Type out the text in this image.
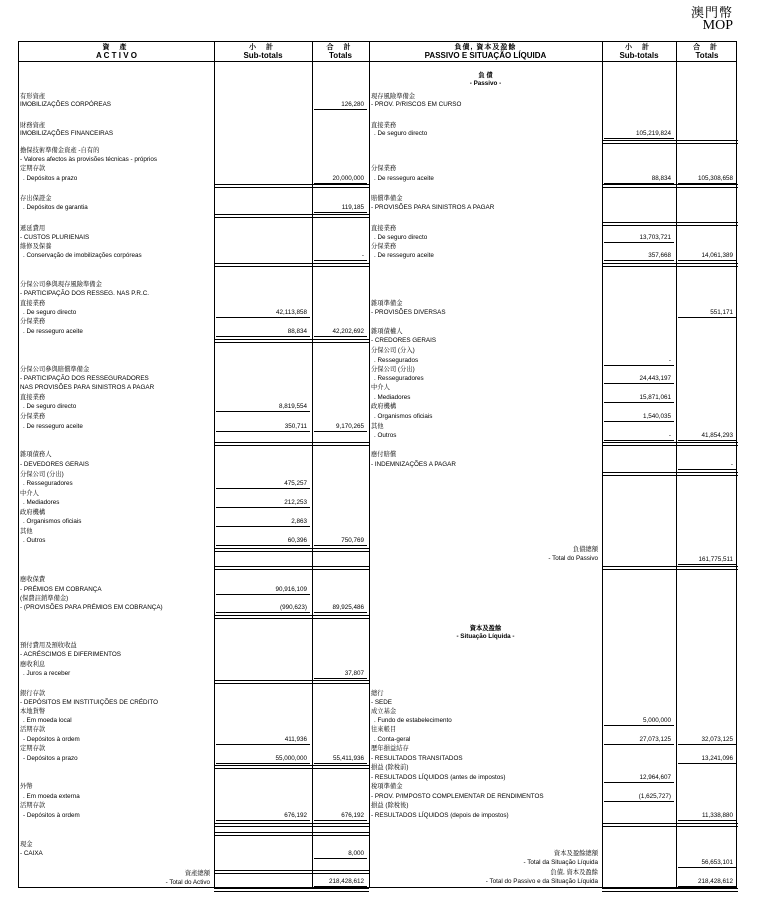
澳門幣
MOP
資 產
A C T I V O
小 計
Sub-totals
合 計
Totals
負債, 資本及盈餘
PASSIVO E SITUAÇÃO LÍQUIDA
小 計
Sub-totals
合 計
Totals
負 債
- Passivo -
資本及盈餘
- Situação Líquida -
資產總額
- Total do Activo
有形資產
IMOBILIZAÇÕES CORPÓREAS
財務資產
IMOBILIZAÇÕES FINANCEIRAS
擔保技術準備金資產 -自有的
- Valores afectos às provisões técnicas - próprios
定期存款
. Depósitos a prazo
存出保證金
. Depósitos de garantia
遞延費用
- CUSTOS PLURIENAIS
維修及保養
. Conservação de imobilizações corpóreas
分保公司參與現存風險準備金
- PARTICIPAÇÃO DOS RESSEG. NAS P.R.C.
直接業務
. De seguro directo
分保業務
. De resseguro aceite
分保公司參與賠償準備金
- PARTICIPAÇÃO DOS RESSEGURADORES
NAS PROVISÕES PARA SINISTROS A PAGAR
直接業務
. De seguro directo
分保業務
. De resseguro aceite
雜項債務人
- DEVEDORES GERAIS
分保公司 (分出)
. Resseguradores
中介人
. Mediadores
政府機構
. Organismos oficiais
其他
. Outros
應收保費
- PRÉMIOS EM COBRANÇA
(保費註銷準備金)
- (PROVISÕES PARA PRÉMIOS EM COBRANÇA)
預付費用及預收收益
- ACRÉSCIMOS E DIFERIMENTOS
應收利息
. Juros a receber
銀行存款
- DEPÓSITOS EM INSTITUIÇÕES DE CRÉDITO
本地貨幣
. Em moeda local
活期存款
- Depósitos à ordem
定期存款
- Depósitos a prazo
外幣
. Em moeda externa
活期存款
- Depósitos à ordem
現金
- CAIXA
42,113,858
88,834
8,819,554
350,711
475,257
212,253
2,863
60,396
90,916,109
(990,623)
411,936
55,000,000
676,192
126,280
20,000,000
119,185
-
42,202,692
9,170,265
750,769
89,925,486
37,807
55,411,936
676,192
8,000
218,428,612
現存風險準備金
- PROV. P/RISCOS EM CURSO
直接業務
. De seguro directo
分保業務
. De resseguro aceite
賠償準備金
- PROVISÕES PARA SINISTROS A PAGAR
直接業務
. De seguro directo
分保業務
. De resseguro aceite
雜項準備金
- PROVISÕES DIVERSAS
雜項債權人
- CREDORES GERAIS
分保公司 (分入)
. Ressegurados
分保公司 (分出)
. Resseguradores
中介人
. Mediadores
政府機構
. Organismos oficiais
其他
. Outros
應付賠償
- INDEMNIZAÇÕES A PAGAR
總行
- SEDE
成立基金
. Fundo de estabelecimento
往來帳目
. Conta-geral
歷年損益結存
- RESULTADOS TRANSITADOS
損益 (除稅前)
- RESULTADOS LÍQUIDOS (antes de impostos)
稅項準備金
- PROV. P/IMPOSTO COMPLEMENTAR DE RENDIMENTOS
損益 (除稅後)
- RESULTADOS LÍQUIDOS (depois de impostos)
105,219,824
88,834
13,703,721
357,668
-
24,443,197
15,871,061
1,540,035
-
5,000,000
27,073,125
12,964,607
(1,625,727)
105,308,658
14,061,389
551,171
41,854,293
-
161,775,511
32,073,125
13,241,096
11,338,880
56,653,101
218,428,612
負債總額
- Total do Passivo
資本及盈餘總額
- Total da Situação Líquida
負債, 資本及盈餘
- Total do Passivo e da Situação Líquida
